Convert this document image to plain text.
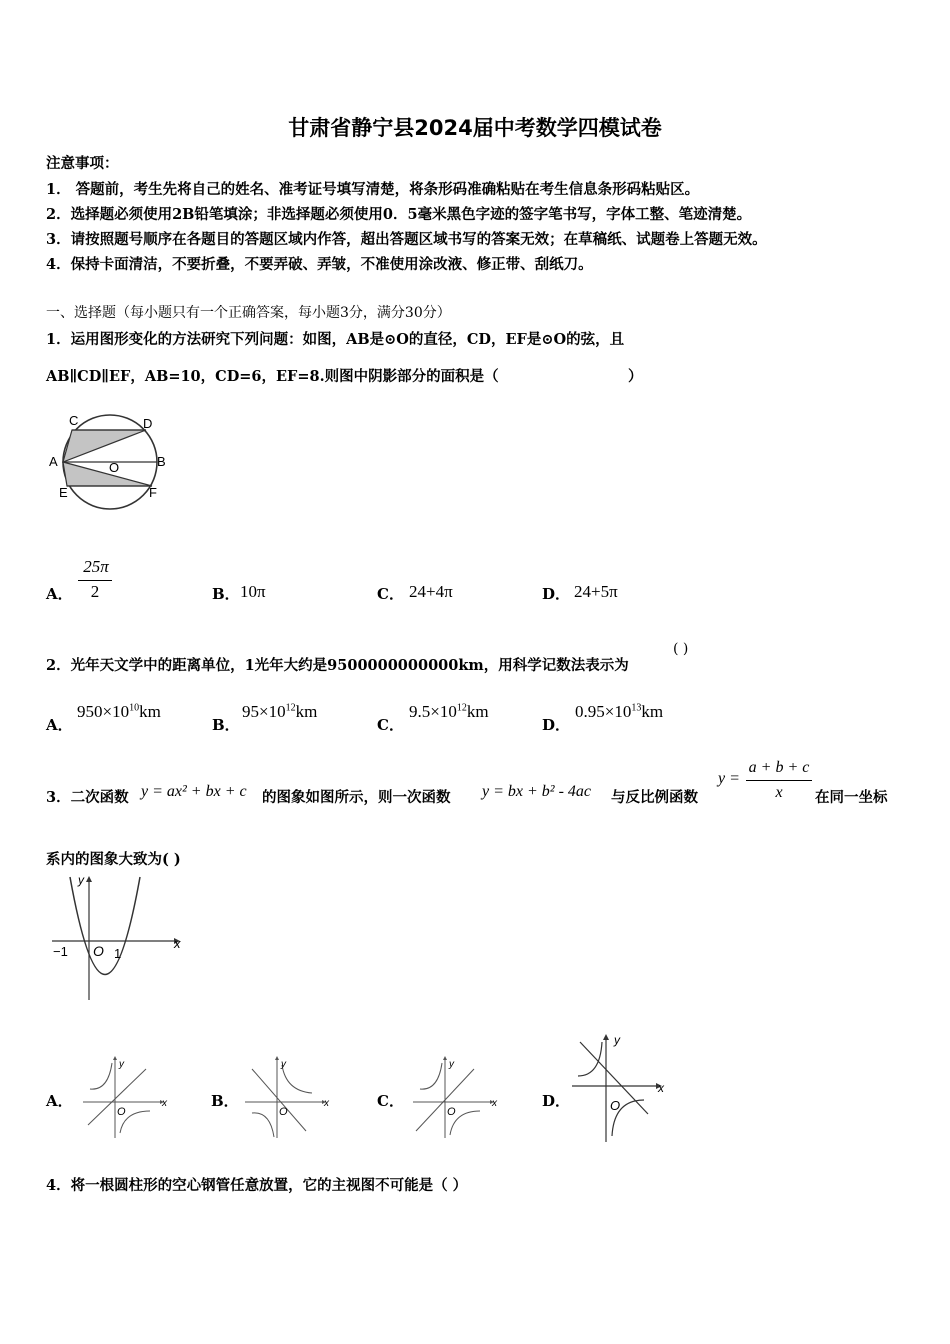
甘肃省静宁县2024届中考数学四模试卷
注意事项：
1． 答题前，考生先将自己的姓名、准考证号填写清楚，将条形码准确粘贴在考生信息条形码粘贴区。
2．选择题必须使用2B铅笔填涂；非选择题必须使用0．5毫米黑色字迹的签字笔书写，字体工整、笔迹清楚。
3．请按照题号顺序在各题目的答题区域内作答，超出答题区域书写的答案无效；在草稿纸、试题卷上答题无效。
4．保持卡面清洁，不要折叠，不要弄破、弄皱，不准使用涂改液、修正带、刮纸刀。
一、选择题（每小题只有一个正确答案，每小题3分，满分30分）
1．运用图形变化的方法研究下列问题：如图，AB是⊙O的直径，CD，EF是⊙O的弦，且
AB∥CD∥EF，AB=10，CD=6，EF=8.则图中阴影部分的面积是（	）
C	D
A	O	B
E	F
A．
25π
2	B． 10π	C． 24+4π	D． 24+5π
2．光年天文学中的距离单位，1光年大约是9500000000000km，用科学记数法表示为
( )
A．
$950\times 10^{10}km$
B．
$95\times 10^{12}km$
C．
$9.5\times 10^{12}km$
D．
$0.95\times 10^{13}km$
3．二次函数 y = ax² + bx + c 的图象如图所示，则一次函数 y = bx + b² - 4ac 与反比例函数
y =
a + b + c
x	在同一坐标
系内的图象大致为( )
y
x
−1 O 1
A．
y
x
O
B．
y
x
O
C．
y
x
O
D．
y
x
O
4．将一根圆柱形的空心钢管任意放置，它的主视图不可能是（ ）
